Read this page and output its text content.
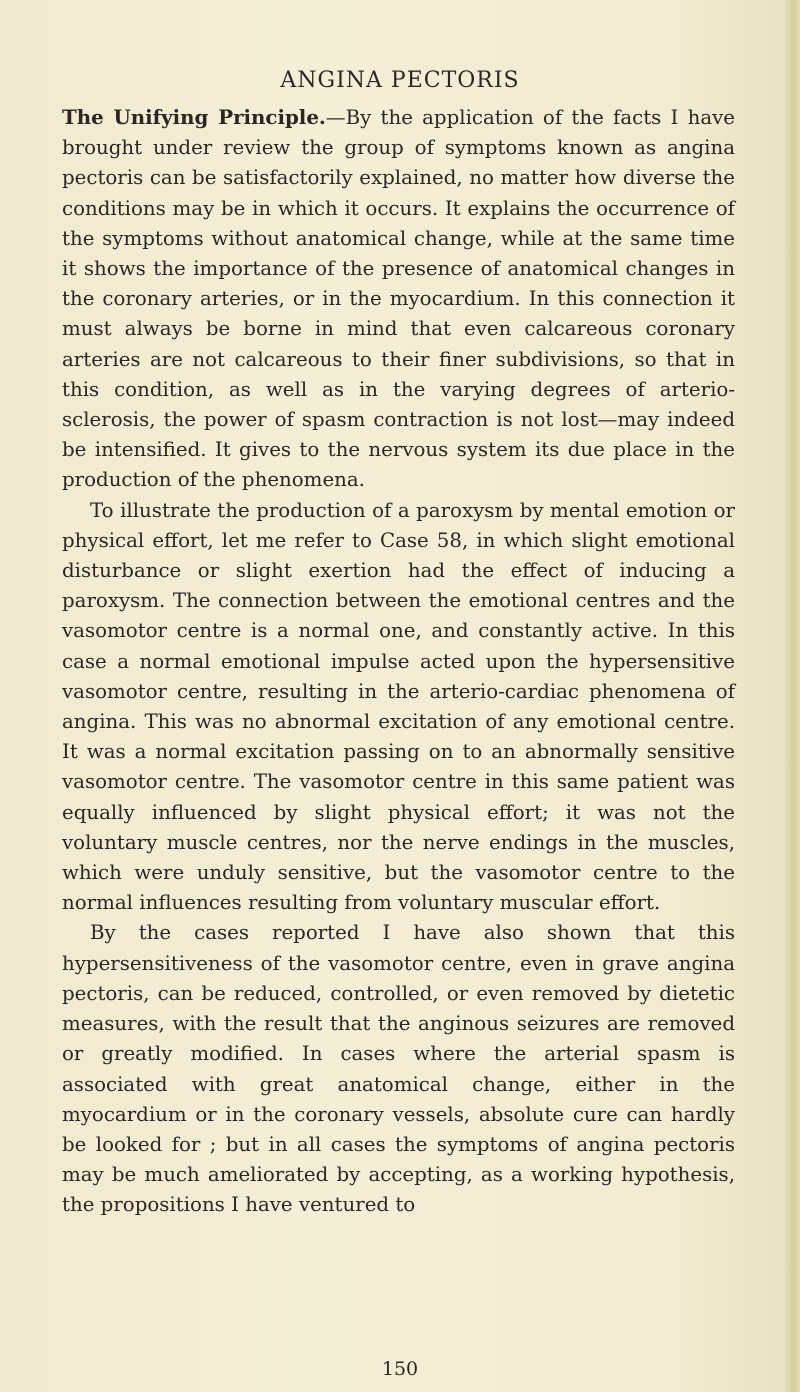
ANGINA PECTORIS

The Unifying Principle.—By the application of the facts I have brought under review the group of symptoms known as angina pectoris can be satisfactorily explained, no matter how diverse the conditions may be in which it occurs. It explains the occurrence of the symptoms without anatomical change, while at the same time it shows the importance of the presence of anatomical changes in the coronary arteries, or in the myocardium. In this connection it must always be borne in mind that even calcareous coronary arteries are not calcareous to their finer subdivisions, so that in this condition, as well as in the varying degrees of arterio-sclerosis, the power of spasm contraction is not lost—may indeed be intensified. It gives to the nervous system its due place in the production of the phenomena.

To illustrate the production of a paroxysm by mental emotion or physical effort, let me refer to Case 58, in which slight emotional disturbance or slight exertion had the effect of inducing a paroxysm. The connection between the emotional centres and the vasomotor centre is a normal one, and constantly active. In this case a normal emotional impulse acted upon the hypersensitive vasomotor centre, resulting in the arterio-cardiac phenomena of angina. This was no abnormal excitation of any emotional centre. It was a normal excitation passing on to an abnormally sensitive vasomotor centre. The vasomotor centre in this same patient was equally influenced by slight physical effort; it was not the voluntary muscle centres, nor the nerve endings in the muscles, which were unduly sensitive, but the vasomotor centre to the normal influences resulting from voluntary muscular effort.

By the cases reported I have also shown that this hypersensitiveness of the vasomotor centre, even in grave angina pectoris, can be reduced, controlled, or even removed by dietetic measures, with the result that the anginous seizures are removed or greatly modified. In cases where the arterial spasm is associated with great anatomical change, either in the myocardium or in the coronary vessels, absolute cure can hardly be looked for ; but in all cases the symptoms of angina pectoris may be much ameliorated by accepting, as a working hypothesis, the propositions I have ventured to

150
